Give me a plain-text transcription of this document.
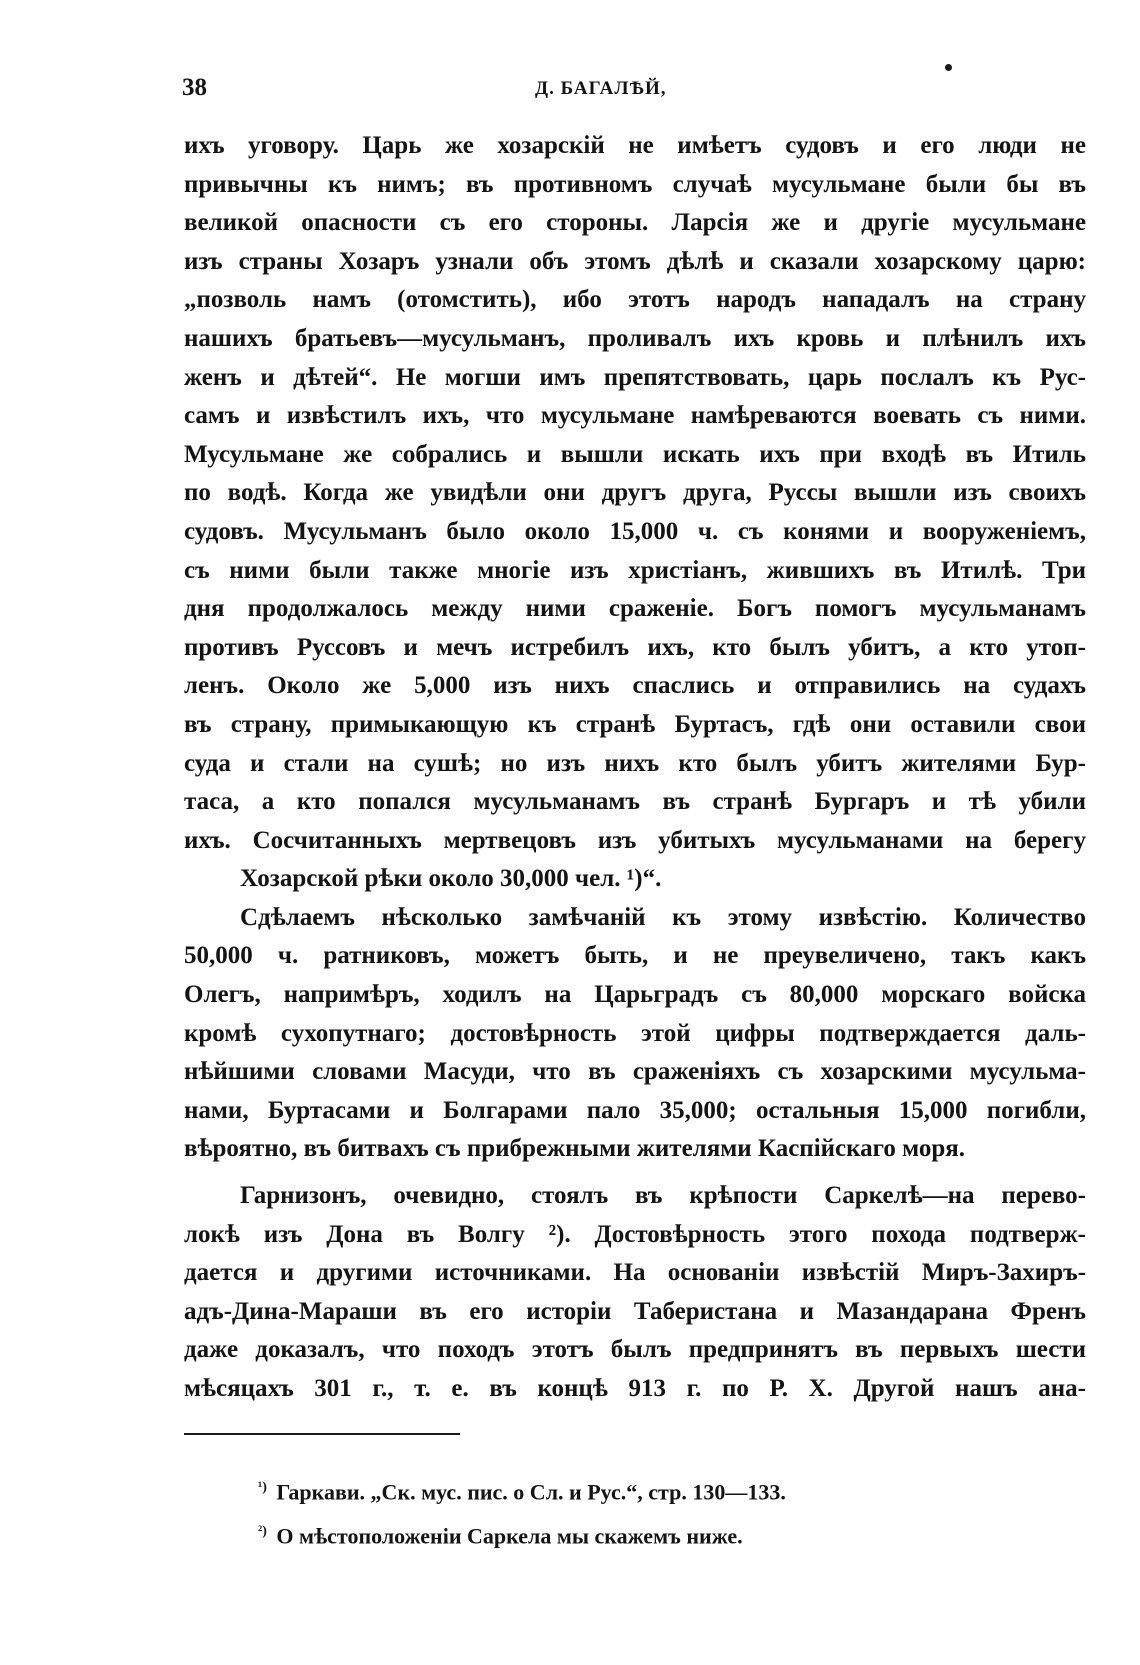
38	Д. БАГАЛѢЙ,
ихъ уговору. Царь же хозарскій не имѣетъ судовъ и его люди не
привычны къ нимъ; въ противномъ случаѣ мусульмане были бы въ
великой опасности съ его стороны. Ларсія же и другіе мусульмане
изъ страны Хозаръ узнали объ этомъ дѣлѣ и сказали хозарскому царю:
„позволь намъ (отомстить), ибо этотъ народъ нападалъ на страну
нашихъ братьевъ—мусульманъ, проливалъ ихъ кровь и плѣнилъ ихъ
женъ и дѣтей“. Не могши имъ препятствовать, царь послалъ къ Рус-
самъ и извѣстилъ ихъ, что мусульмане намѣреваются воевать съ ними.
Мусульмане же собрались и вышли искать ихъ при входѣ въ Итиль
по водѣ. Когда же увидѣли они другъ друга, Руссы вышли изъ своихъ
судовъ. Мусульманъ было около 15,000 ч. съ конями и вооруженіемъ,
съ ними были также многіе изъ христіанъ, жившихъ въ Итилѣ. Три
дня продолжалось между ними сраженіе. Богъ помогъ мусульманамъ
противъ Руссовъ и мечъ истребилъ ихъ, кто былъ убитъ, а кто утоп-
ленъ. Около же 5,000 изъ нихъ спаслись и отправились на судахъ
въ страну, примыкающую къ странѣ Буртасъ, гдѣ они оставили свои
суда и стали на сушѣ; но изъ нихъ кто былъ убитъ жителями Бур-
таса, а кто попался мусульманамъ въ странѣ Бургаръ и тѣ убили
ихъ. Сосчитанныхъ мертвецовъ изъ убитыхъ мусульманами на берегу
Хозарской рѣки около 30,000 чел. ¹)“.
Сдѣлаемъ нѣсколько замѣчаній къ этому извѣстію. Количество
50,000 ч. ратниковъ, можетъ быть, и не преувеличено, такъ какъ
Олегъ, напримѣръ, ходилъ на Царьградъ съ 80,000 морскаго войска
кромѣ сухопутнаго; достовѣрность этой цифры подтверждается даль-
нѣйшими словами Масуди, что въ сраженіяхъ съ хозарскими мусульма-
нами, Буртасами и Болгарами пало 35,000; остальныя 15,000 погибли,
вѣроятно, въ битвахъ съ прибрежными жителями Каспійскаго моря.
Гарнизонъ, очевидно, стоялъ въ крѣпости Саркелѣ—на перево-
локѣ изъ Дона въ Волгу ²). Достовѣрность этого похода подтверж-
дается и другими источниками. На основаніи извѣстій Миръ-Захиръ-
адъ-Дина-Мараши въ его исторіи Таберистана и Мазандарана Френъ
даже доказалъ, что походъ этотъ былъ предпринятъ въ первыхъ шести
мѣсяцахъ 301 г., т. е. въ концѣ 913 г. по Р. Х. Другой нашъ ана-
$^{^1)}$ Гаркави. „Ск. мус. пис. о Сл. и Рус.“, стр. 130—133.
$^{^2)}$ О мѣстоположеніи Саркела мы скажемъ ниже.
